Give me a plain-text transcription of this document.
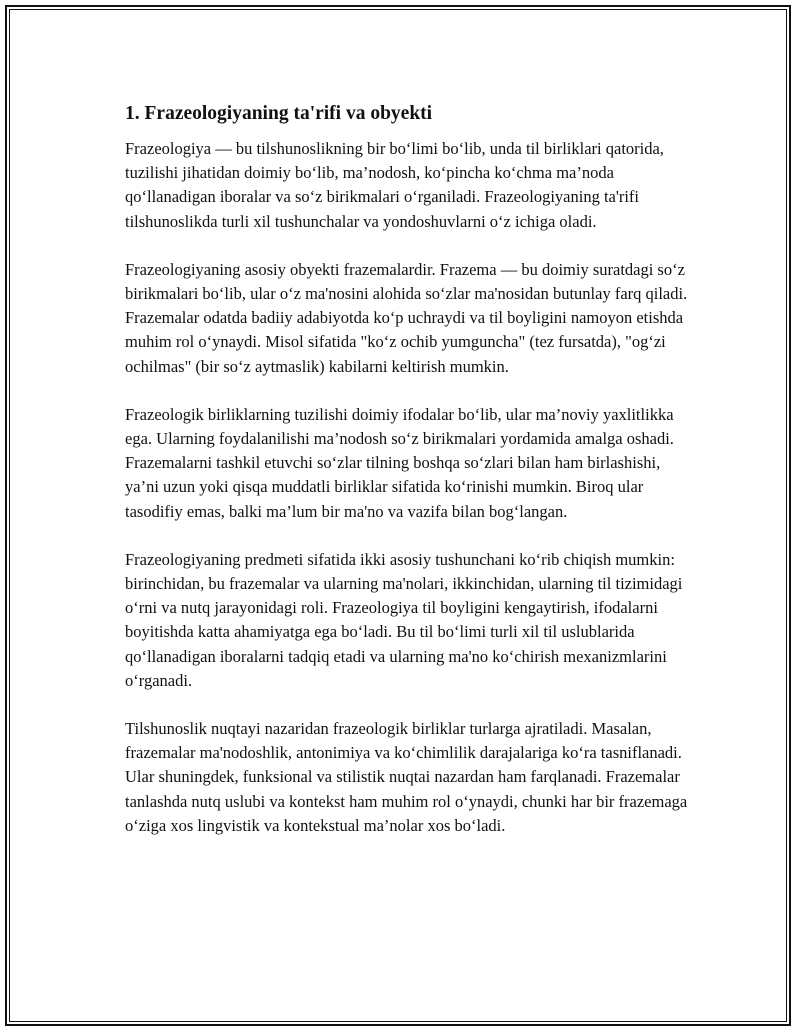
1. Frazeologiyaning ta'rifi va obyekti

Frazeologiya — bu tilshunoslikning bir bo‘limi bo‘lib, unda til birliklari qatorida, tuzilishi jihatidan doimiy bo‘lib, ma’nodosh, ko‘pincha ko‘chma ma’noda qo‘llanadigan iboralar va so‘z birikmalari o‘rganiladi. Frazeologiyaning ta'rifi tilshunoslikda turli xil tushunchalar va yondoshuvlarni o‘z ichiga oladi.

Frazeologiyaning asosiy obyekti frazemalardir. Frazema — bu doimiy suratdagi so‘z birikmalari bo‘lib, ular o‘z ma'nosini alohida so‘zlar ma'nosidan butunlay farq qiladi. Frazemalar odatda badiiy adabiyotda ko‘p uchraydi va til boyligini namoyon etishda muhim rol o‘ynaydi. Misol sifatida "ko‘z ochib yumguncha" (tez fursatda), "og‘zi ochilmas" (bir so‘z aytmaslik) kabilarni keltirish mumkin.

Frazeologik birliklarning tuzilishi doimiy ifodalar bo‘lib, ular ma’noviy yaxlitlikka ega. Ularning foydalanilishi ma’nodosh so‘z birikmalari yordamida amalga oshadi. Frazemalarni tashkil etuvchi so‘zlar tilning boshqa so‘zlari bilan ham birlashishi, ya’ni uzun yoki qisqa muddatli birliklar sifatida ko‘rinishi mumkin. Biroq ular tasodifiy emas, balki ma’lum bir ma'no va vazifa bilan bog‘langan.

Frazeologiyaning predmeti sifatida ikki asosiy tushunchani ko‘rib chiqish mumkin: birinchidan, bu frazemalar va ularning ma'nolari, ikkinchidan, ularning til tizimidagi o‘rni va nutq jarayonidagi roli. Frazeologiya til boyligini kengaytirish, ifodalarni boyitishda katta ahamiyatga ega bo‘ladi. Bu til bo‘limi turli xil til uslublarida qo‘llanadigan iboralarni tadqiq etadi va ularning ma'no ko‘chirish mexanizmlarini o‘rganadi.

Tilshunoslik nuqtayi nazaridan frazeologik birliklar turlarga ajratiladi. Masalan, frazemalar ma'nodoshlik, antonimiya va ko‘chimlilik darajalariga ko‘ra tasniflanadi. Ular shuningdek, funksional va stilistik nuqtai nazardan ham farqlanadi. Frazemalar tanlashda nutq uslubi va kontekst ham muhim rol o‘ynaydi, chunki har bir frazemaga o‘ziga xos lingvistik va kontekstual ma’nolar xos bo‘ladi.
